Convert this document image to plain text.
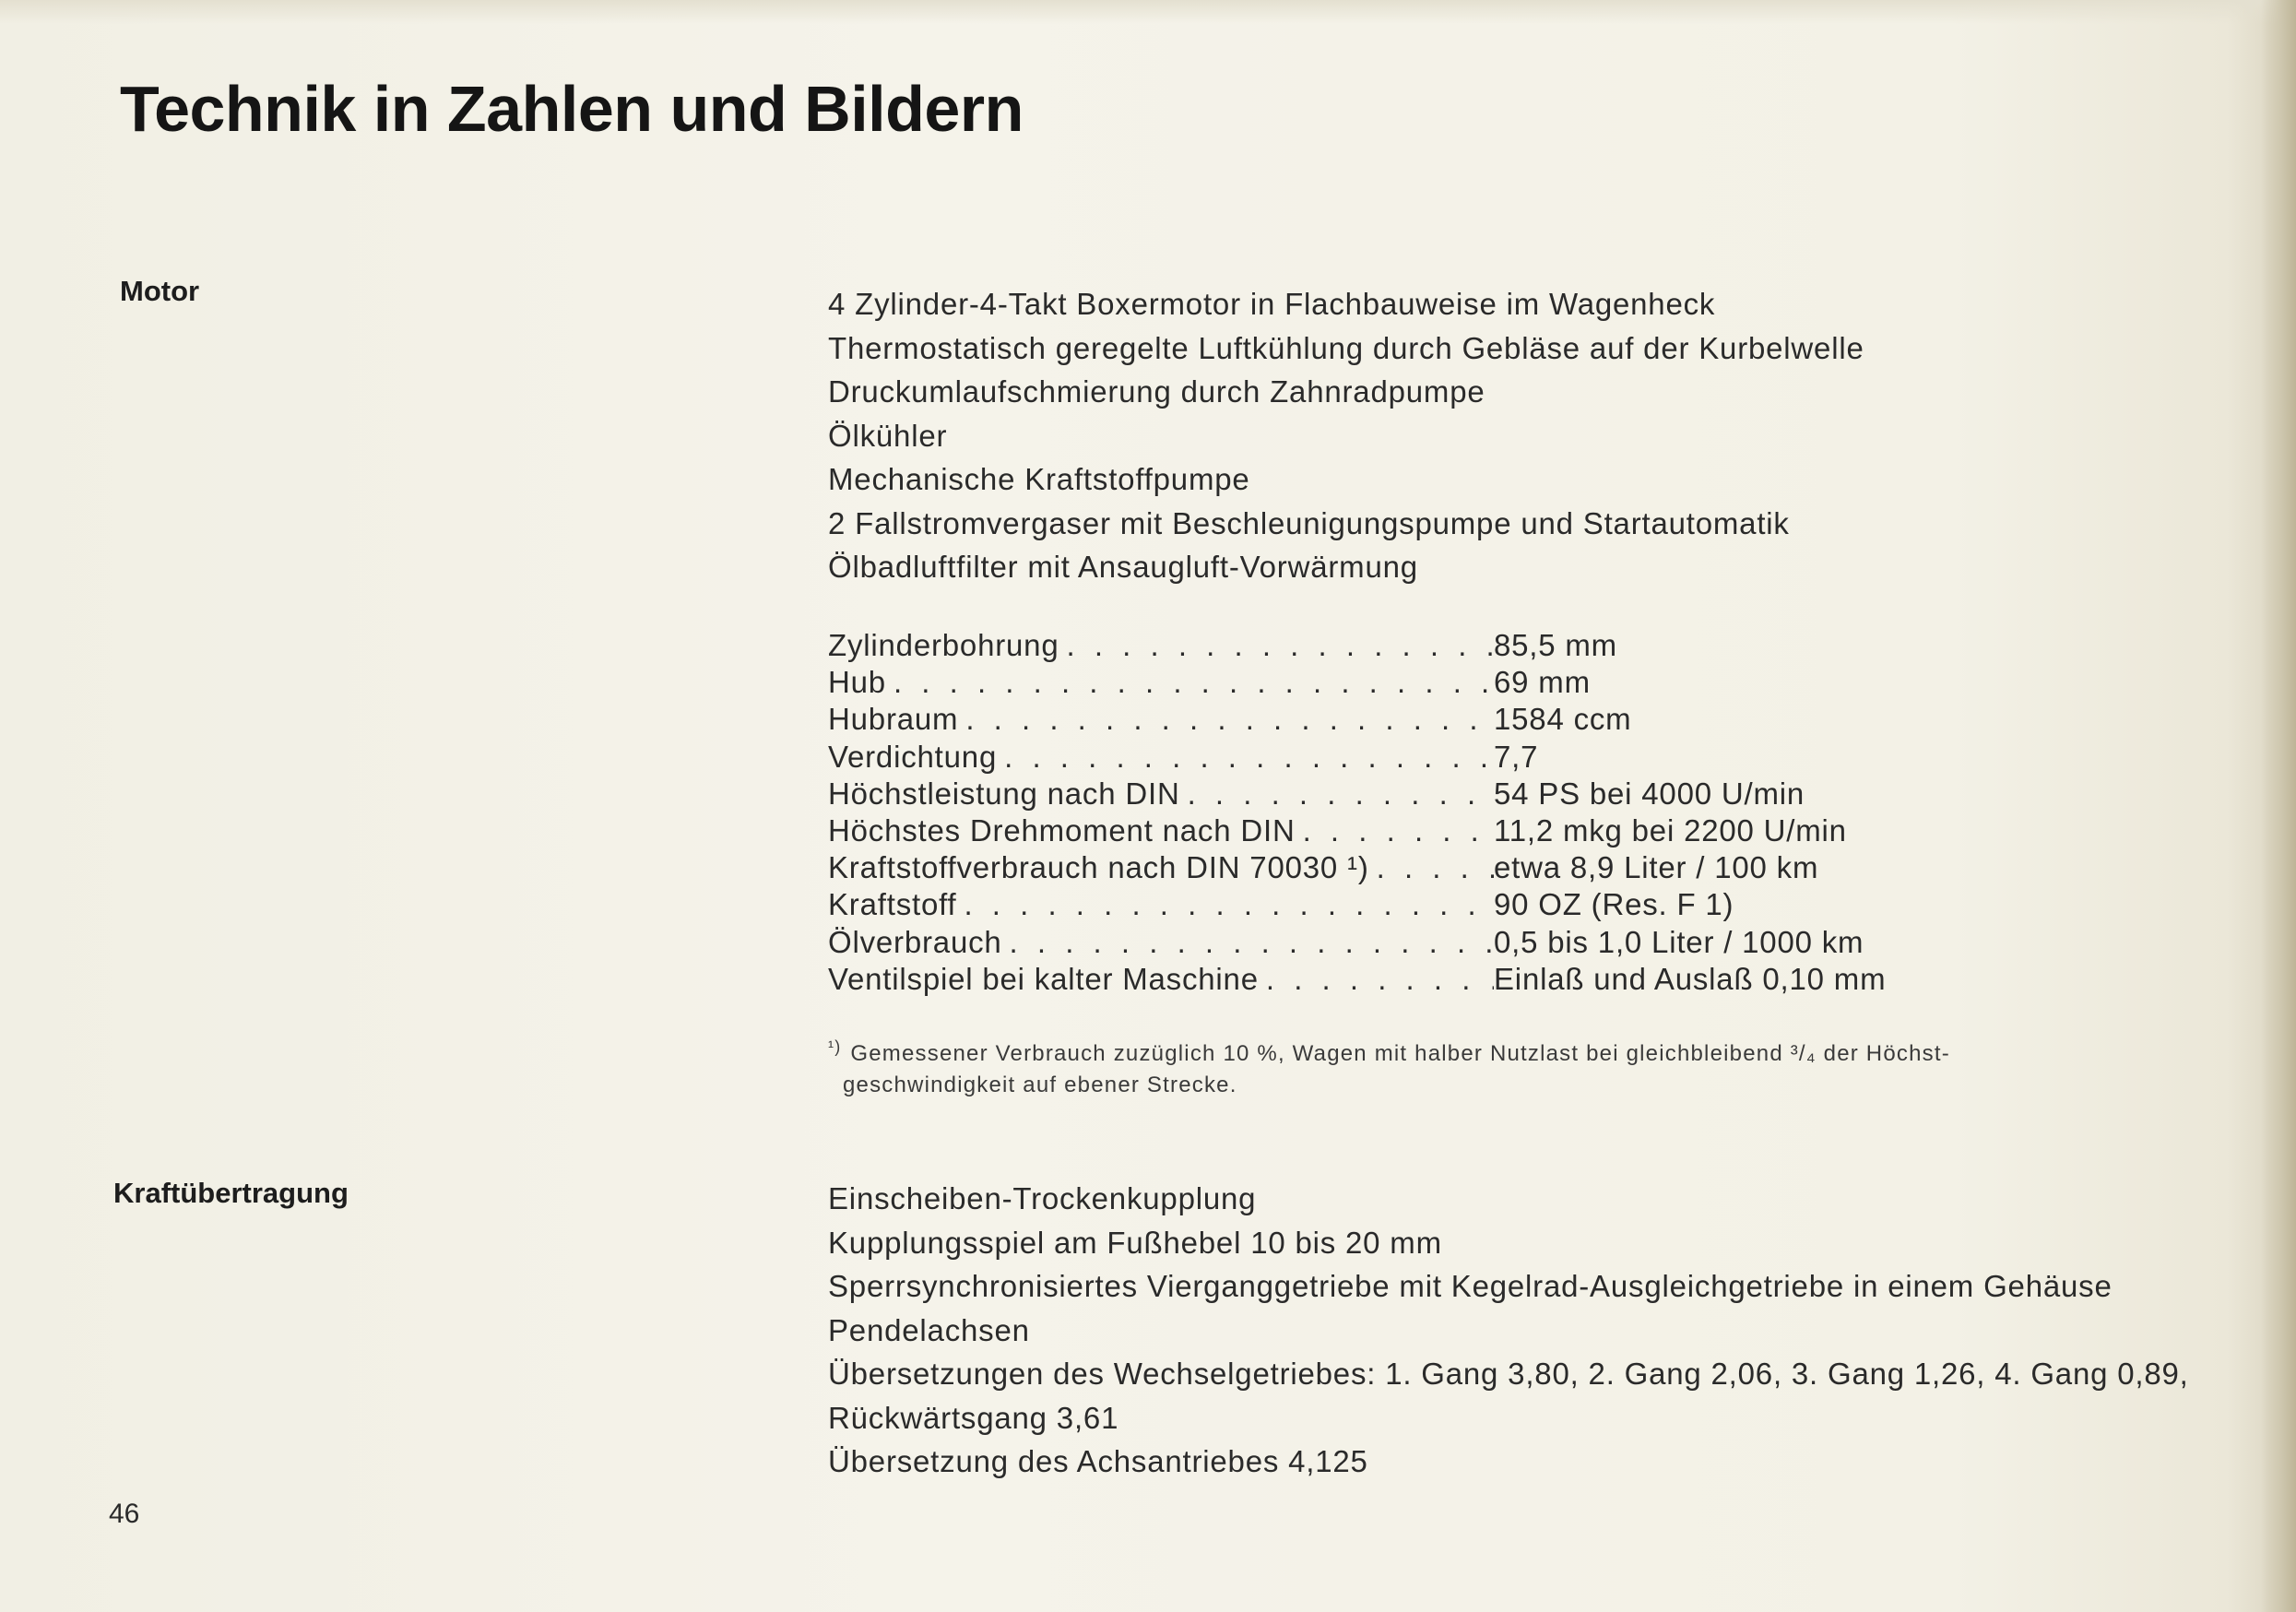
Technik in Zahlen und Bildern
Motor	4 Zylinder-4-Takt Boxermotor in Flachbauweise im Wagenheck
Thermostatisch geregelte Luftkühlung durch Gebläse auf der Kurbelwelle
Druckumlaufschmierung durch Zahnradpumpe
Ölkühler
Mechanische Kraftstoffpumpe
2 Fallstromvergaser mit Beschleunigungspumpe und Startautomatik
Ölbadluftfilter mit Ansaugluft-Vorwärmung
Zylinderbohrung . . .	85,5 mm
Hub . . .	69 mm
Hubraum . . .	1584 ccm
Verdichtung . . .	7,7
Höchstleistung nach DIN . . .	54 PS bei 4000 U/min
Höchstes Drehmoment nach DIN . . .	11,2 mkg bei 2200 U/min
Kraftstoffverbrauch nach DIN 70030 ¹) . . .	etwa 8,9 Liter / 100 km
Kraftstoff . . .	90 OZ (Res. F 1)
Ölverbrauch . . .	0,5 bis 1,0 Liter / 1000 km
Ventilspiel bei kalter Maschine . . .	Einlaß und Auslaß 0,10 mm
$^{^1)}$ Gemessener Verbrauch zuzüglich 10 %, Wagen mit halber Nutzlast bei gleichbleibend ³/₄ der Höchst-
geschwindigkeit auf ebener Strecke.
Kraftübertragung	Einscheiben-Trockenkupplung
Kupplungsspiel am Fußhebel 10 bis 20 mm
Sperrsynchronisiertes Vierganggetriebe mit Kegelrad-Ausgleichgetriebe in einem Gehäuse
Pendelachsen
Übersetzungen des Wechselgetriebes: 1. Gang 3,80, 2. Gang 2,06, 3. Gang 1,26, 4. Gang 0,89,
Rückwärtsgang 3,61
Übersetzung des Achsantriebes 4,125
46
